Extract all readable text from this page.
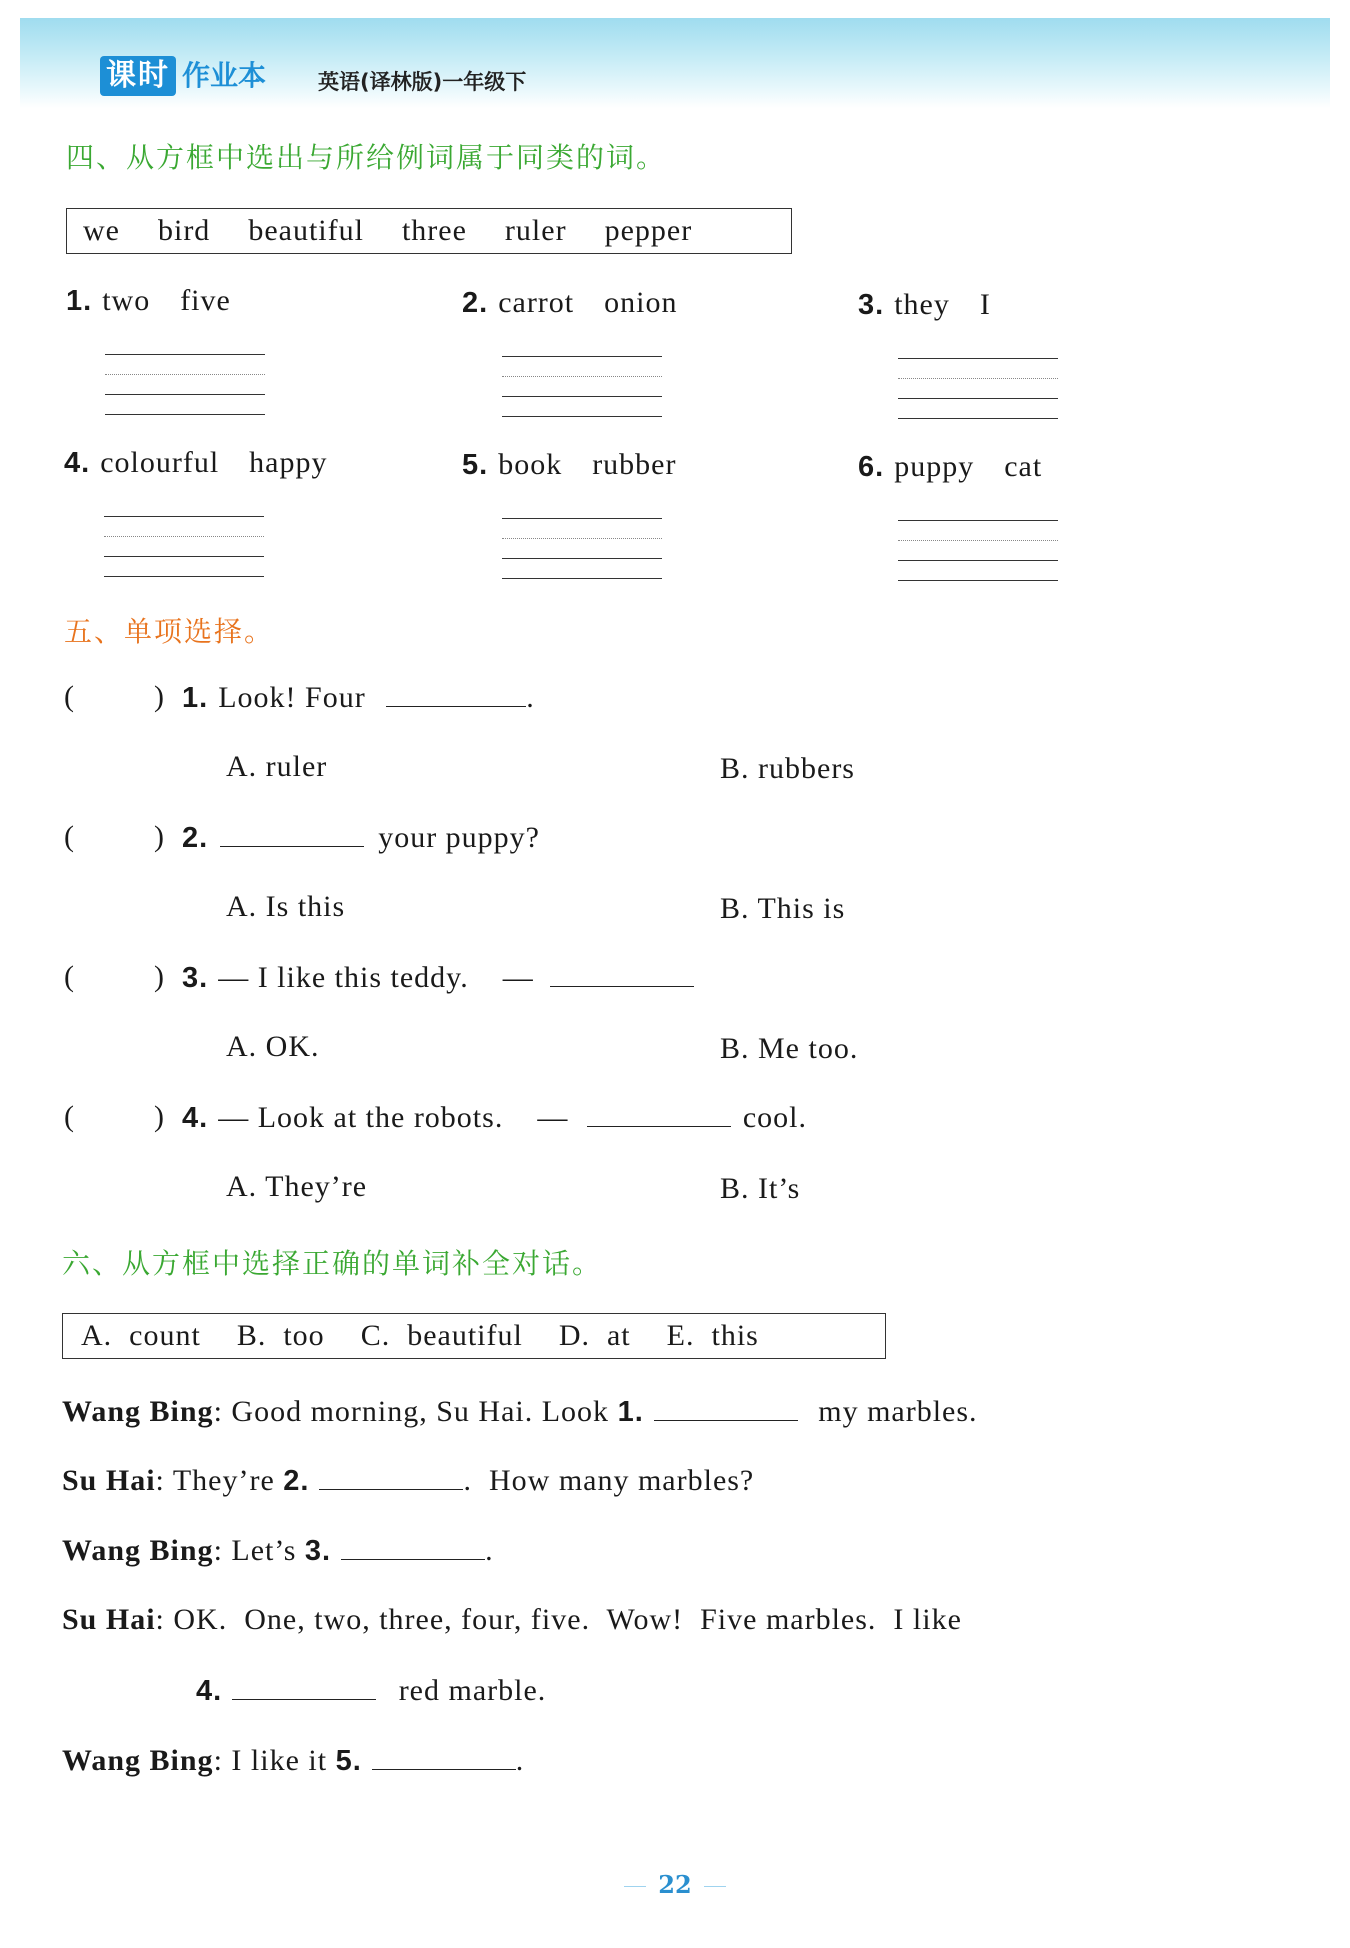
课时 作业本 英语(译林版)一年级下
四、从方框中选出与所给例词属于同类的词。
we bird beautiful three ruler pepper
1. two five	2. carrot onion	3. they I
4. colourful happy	5. book rubber	6. puppy cat
五、单项选择。
(	) 1. Look! Four	.
A. ruler	B. rubbers
(	) 2.	your puppy?
A. Is this	B. This is
(	) 3. — I like this teddy.    —
A. OK.	B. Me too.
(	) 4. — Look at the robots.    —	cool.
A. They’re	B. It’s
六、从方框中选择正确的单词补全对话。
A.  count B.  too C.  beautiful D.  at E.  this
Wang Bing: Good morning, Su Hai. Look 1.	my marbles.
Su Hai: They’re 2.	.  How many marbles?
Wang Bing: Let’s 3.	.
Su Hai: OK.  One, two, three, four, five.  Wow!  Five marbles.  I like
4.	red marble.
Wang Bing: I like it 5.	.
22
